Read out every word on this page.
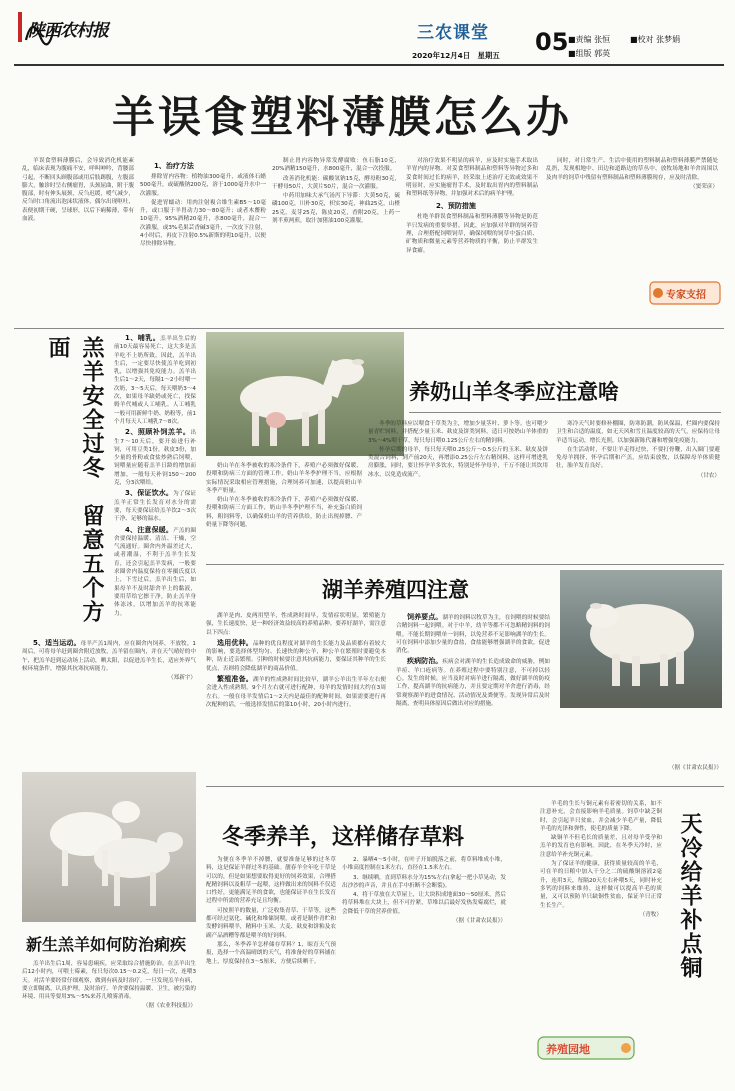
陕西农村报	三农课堂
2020年12月4日　星期五 05 ■责编 张恒 ■校对 张梦娟
■组版 郭英
羊误食塑料薄膜怎么办

羊误食塑料薄膜后，会导致消化机能紊乱，临床表现为腹痛不安，咩叫呻吟，背腰部弓起，不断回头顾腹部或用后肢踢腹，左腹部膨大，触诊时呈右侧瘤胃，头颈屈曲，附于腹腹部，时有伸头展颈，反刍迟缓，嗳气减少，反刍时口角流出泡沫状液体，偶尔出现呕吐，表便初期干硬，呈球形，以后下痢稀薄，带有血液。

1、治疗方法

排除胃内容物：植物油300毫升，或液体石蜡500毫升，或硫酸钠200克，溶于1000毫升水中一次灌服。

促进胃蠕动：用肉注射複合维生素B5～10毫升，或口服于羊胃动力30～80毫升；或者木鳖粉10毫升，95%酒精20毫升，水800毫升，混合一次灌服，或3%毛果芸香碱3毫升，一次皮下注射，4小时后，再皮下注射0.5%新斯的明10毫升，以便尽快排除异物。

制止胃内容物异常发酵腐败：鱼石脂10克，20%酒精150毫升，水800毫升，混合一次投服。

改善消化机能：碳酸氢钠15克，酵母粉30克，干酵母50片，大黄片50片，混合一次灌服。

中药用加味大承气汤泻下导滞：大黄50克，硫磷100克，川朴30克，枳实30克，神曲25克，山楂25克，麦芽25克，陈皮20克，香附20克，上药一剂半煎两煎，取汁加猪油100克灌服。

对治疗效果不明显的病羊，应及时实施手术取出羊胃内的异物。对妥食塑料制品和塑料等异物过多和妥食时间过长的病羊，经采取上述治疗无效或效果不明显时，应实施瘤胃手术，及时取出胃内的塑料制品和塑料纸等异物，并加强对术后的病羊护理。

2、预防措施

杜绝羊群误食塑料制品和塑料薄膜等异物是防范羊只发病的重要举措。因此，应加强对羊群的饲养管理，合理搭配饲喂饲草，确保饲喂的饲草中蛋白质、矿物质和微量元素等营养物质的平衡，防止羊群发生异食癖。

同时，对日常生产、生活中使用的塑料制品和塑料薄膜严禁随处乱扔，发现相地中、田边和道路边的草丛中、放牧场地和羊舍周围以及肉羊的饲草中残留有塑料制品和塑料薄膜现存，应及时清除。

（窦荣彦）

专家支招
羔羊安全过冬　留意五个方面	1、哺乳。羔羊出生后的前10天最容易死亡，这大多是羔羊吃不上奶所致。因此，羔羊出生后，一定要尽快使羔羊吃到初乳，以增强其免疫能力。羔羊出生后1～2天，每隔1～2小时喂一次奶，3～5天后，每天喂奶3～4次，如果母羊缺奶或死亡，找保姆羊代哺或人工哺乳。人工哺乳一般可用新鲜牛奶、奶粉等，前1个月每天人工哺乳7～8次。

2、照顾补饲羔羊。出生7～10天后，要开始进行补饲，可用豆类1份，麸皮3份，加少量的骨粉或食盐炒熟后饲喂，饲喂量应随着羔羊日龄的增加而增加，一般每天补饲150～200克，分3次喂给。

3、保证饮水。为了保证羔羊正常生长发育对水分的需要，每天要保证给羔羊饮2～3次干净、足够的温水。

4、注意保暖。产羔的圈舍要保持温暖、清洁、干燥，空气流通好。圈舍内外温差过大，或者潮湿，不利于羔羊生长发育，还会引起羔羊发病，一般要求圈舍内温度保持在零摄氏度以上，下雪过后，羔羊出生后，如果母羊不及时舔舍羊上的黏液，要用草给它擦干净，防止羔羊身体冻冰，以增加羔羊的抗寒能力。

5、适当运动。母羊产羔1周内，应在圈舍内饲养，不放牧。1周后，可将母羊赶到圈舍附近放牧，羔羊留在圈内，并在天气晴好的中午，把羔羊赶到运动场上活动，晒太阳，以促进羔羊生长，适应外界气候环境条件，增强其抗寒抗病能力。

（郑新宇）

养奶山羊冬季应注意啥

奶山羊在冬季被收的寒冷条件下，养殖户必须做好保暖、投喂和防病三方面的管理工作，奶山羊冬季护理不当，应根据实际情况采取相应管理措施，合理饲养可加速，以提高奶山羊冬季产奶量。

奶山羊在冬季被收的寒冷条件下，养殖户必须做好保暖、投喂和防病三方面工作，奶山羊冬季护理不当，补充蛋白质饲料，粗饲料等，以确保奶山羊的营养供给，防止出现掉膘、产奶量下降等问题。

冬季的草料应以喂食干草类为主，增加少量茎叶、萝卜等。也可喂少量青贮饲料，并搭配少量玉米、麸皮及饼类饲料，适日可按奶山羊体重的3%～4%喂干草，每只每日喂0.125公斤左右的精饲料。

怀孕后期的母羊，每只每天喂0.25公斤～0.5公斤的玉米、麸皮及饼类混合饲料，到产前20天，再增添0.25公斤左右精饲料，这样可增进乳房膨胀，同时，要让怀孕羊多饮水，特别是怀孕母羊，千万不能让其饮用冰水，以免造成流产。

寒冷天气时要修补棚圈，防寒防潮，防风保温，栏圈内要保持卫生和合适的温度，如无天风和雪且温度较高的天气，应保持让母羊适当运动，增长光照，以加强新陈代谢和增强免疫能力。

在生活动时，不要让羊走得过快，不要打骨鞭，出入圈门要避免母羊拥挤，怀孕后期和产羔，应结束放牧，以保障母羊体质健壮，胎羊发育良好。

（甘农）

湖羊养殖四注意

湖羊是肉、皮两用型羊，性成熟时间早，发情症状明显，繁殖能力强，生长速度快，是一种经济效益较高的养殖品种。要养好湖羊，需注意以下四点：

选用优种。品种的优良程度对湖羊的生长能力及品质都有着较大的影响，要选择体型均匀、长速快的种公羊，种公羊在繁殖时要避免本种，防止近亲繁殖。引种的时候要注意其抗病能力，要保证其种羊的生长优点，否则将会降低湖羊的商品价值。

繁殖准备。湖羊的性成熟时间比较早，湖羊公羊出生半年左右便会进入性成熟期。9个月左右就可进行配种，母羊的发情时间大约在3周左右。一般在母羊发情后1～2天内是最佳的配种时间。如果需要进行再次配种的话，一般选择发情后的第10小时，20小时内进行。

饲养要点。湖羊的饲料以牧草为主，在饲喂的时候要结合精饲料一起饲喂。对于中羊，幼羊等都不可忽略精饲料的饲喂。不能长期饲喂单一饲料，以免营养不足影响湖羊的生长。可在饲料中添加少量的食盐，食盐能够增强湖羊的食欲，促进消化。

疾病防治。疾病会对湖羊的生长造成致命的威胁，例如羊痘、羊口疮病等。在养殖过程中要特别注意，不可掉以轻心。发生的时候，应当及时对病羊进行隔离，做好湖羊的防疫工作，提高湖羊的抗病能力，并且要定期对羊舍进行消毒，经常观察湖羊的进食情况、活动情况及粪便等。发现异常后及时隔离，查明具体原因后做出对应的措施。

（据《甘肃农民报》）

新生羔羊如何防治痢疾

羔羊出生后1周，容易患痢疾，应采取综合措施防治。在羔羊出生后12小时内，可喂土霉素，每只每次0.15～0.2克，每日一次，连喂3天。对活羊要经常仔细观察，做到有病及时治疗。一旦发现羔羊有病，要立即隔离，认真护理，及时治疗。羊舍要保持温暖、卫生，被污染的环境、用具等要用3%～5%来苏儿喷雾消毒。

（据《农业科技报》）

冬季养羊，这样储存草料

为便在冬季羊不掉膘，就要准备足够的过冬草料，这是保证羊群过冬的基础。靓春羊全年吃干草是可以的，但是如果想要取得更好的饲养效果，合理搭配精饲料以及粗草一起喂，这样做出来的饲料不仅适口性好，更能满足羊的食欲，也能保证羊在生长发育过程中所需的营养充足且均衡。

可按照羊的数量，广泛收集青草、干草等，这些都可经过氨化、碱化和堆储饲喂，或者是制作青贮和发酵饲料喂羊，精料中玉米、大麦、麸皮和饼粕及农副产品酒糟等都是喂羊的好饲料。

那么，冬季养羊怎样储存草料？1、晾育天气预报，选择一个高温晴朗的天气，将准备好的草料铺在地上，厚度保持在3～5厘米，方便后续晒干。

2、暴晒4～5小时，在叶子开始脱落之前，将草料堆成小堆，小堆高度控制在1米左右，直径在1.5米左右。

3、继续晒，直到草料水分为15%左右(拿起一把小草晃动，发出沙沙的声音，并且在手中折断不会断裂)。

4、将干草放在大草屋上，让大块积成地面30～50厘米，然后将草料堆在大块上，但不可拧紧，草堆以后最好发热发霉腐烂，就会降低干草的营养价值。

（据《甘肃农民报》）

羊毛的生长与铜元素有着密切的关系，如不注意补充，会直接影响羊毛质量。饲草中缺乏铜时，会引起羊只贫血，并会减少羊毛产量，降低羊毛的光泽和弹性，使毛的质量下降。

缺铜羊不但毛长的质量差，且对母羊受孕和羔羊的发育也有影响。因此，在冬季天冷时，应注意给羊补充铜元素。

为了保证羊的健康，获得质量较高的羊毛，可在羊的日粮中加入干分之二的硫酸铜溶液2毫升，连用3天，每隔20天左右补喂5天，同时补充多钙的饲料来维持，这样做可以提高羊毛的质量，又可以预防羊只缺铜性贫血，保证羊只正常生长生产。

（青牧） 天冷给羊补点铜
养殖园地
